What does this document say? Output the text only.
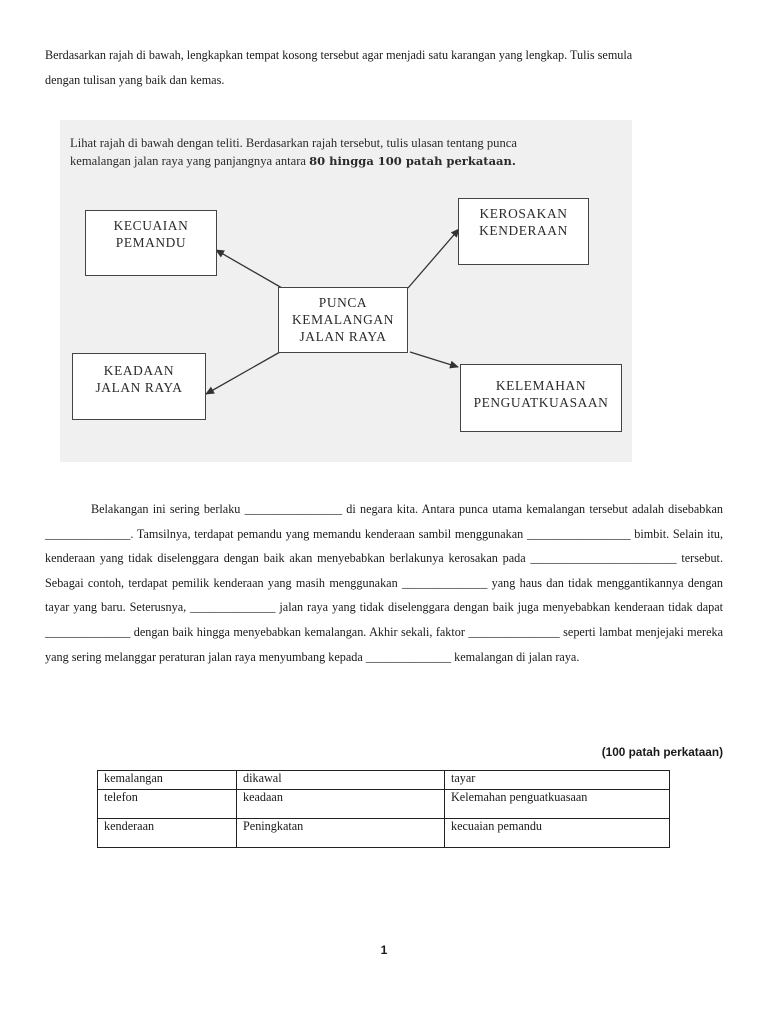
Berdasarkan rajah di bawah, lengkapkan tempat kosong tersebut agar menjadi satu karangan yang lengkap. Tulis semula
dengan tulisan yang baik dan kemas.
Lihat rajah di bawah dengan teliti. Berdasarkan rajah tersebut, tulis ulasan tentang punca
kemalangan jalan raya yang panjangnya antara 80 hingga 100 patah perkataan.
PUNCA
KEMALANGAN
JALAN RAYA
KECUAIAN
PEMANDU
KEROSAKAN
KENDERAAN
KEADAAN
JALAN RAYA	KELEMAHAN
PENGUATKUASAAN
Belakangan ini sering berlaku ________________ di negara kita. Antara punca utama kemalangan tersebut adalah disebabkan ______________. Tamsilnya, terdapat pemandu yang memandu kenderaan sambil menggunakan _________________ bimbit. Selain itu, kenderaan yang tidak diselenggara dengan baik akan menyebabkan berlakunya kerosakan pada ________________________ tersebut. Sebagai contoh, terdapat pemilik kenderaan yang masih menggunakan ______________ yang haus dan tidak menggantikannya dengan tayar yang baru. Seterusnya, ______________ jalan raya yang tidak diselenggara dengan baik juga menyebabkan kenderaan tidak dapat ______________ dengan baik hingga menyebabkan kemalangan. Akhir sekali, faktor _______________ seperti lambat menjejaki mereka yang sering melanggar peraturan jalan raya menyumbang kepada ______________ kemalangan di jalan raya.
(100 patah perkataan)
kemalangan	dikawal	tayar
telefon	keadaan	Kelemahan penguatkuasaan
kenderaan	Peningkatan	kecuaian pemandu
1
